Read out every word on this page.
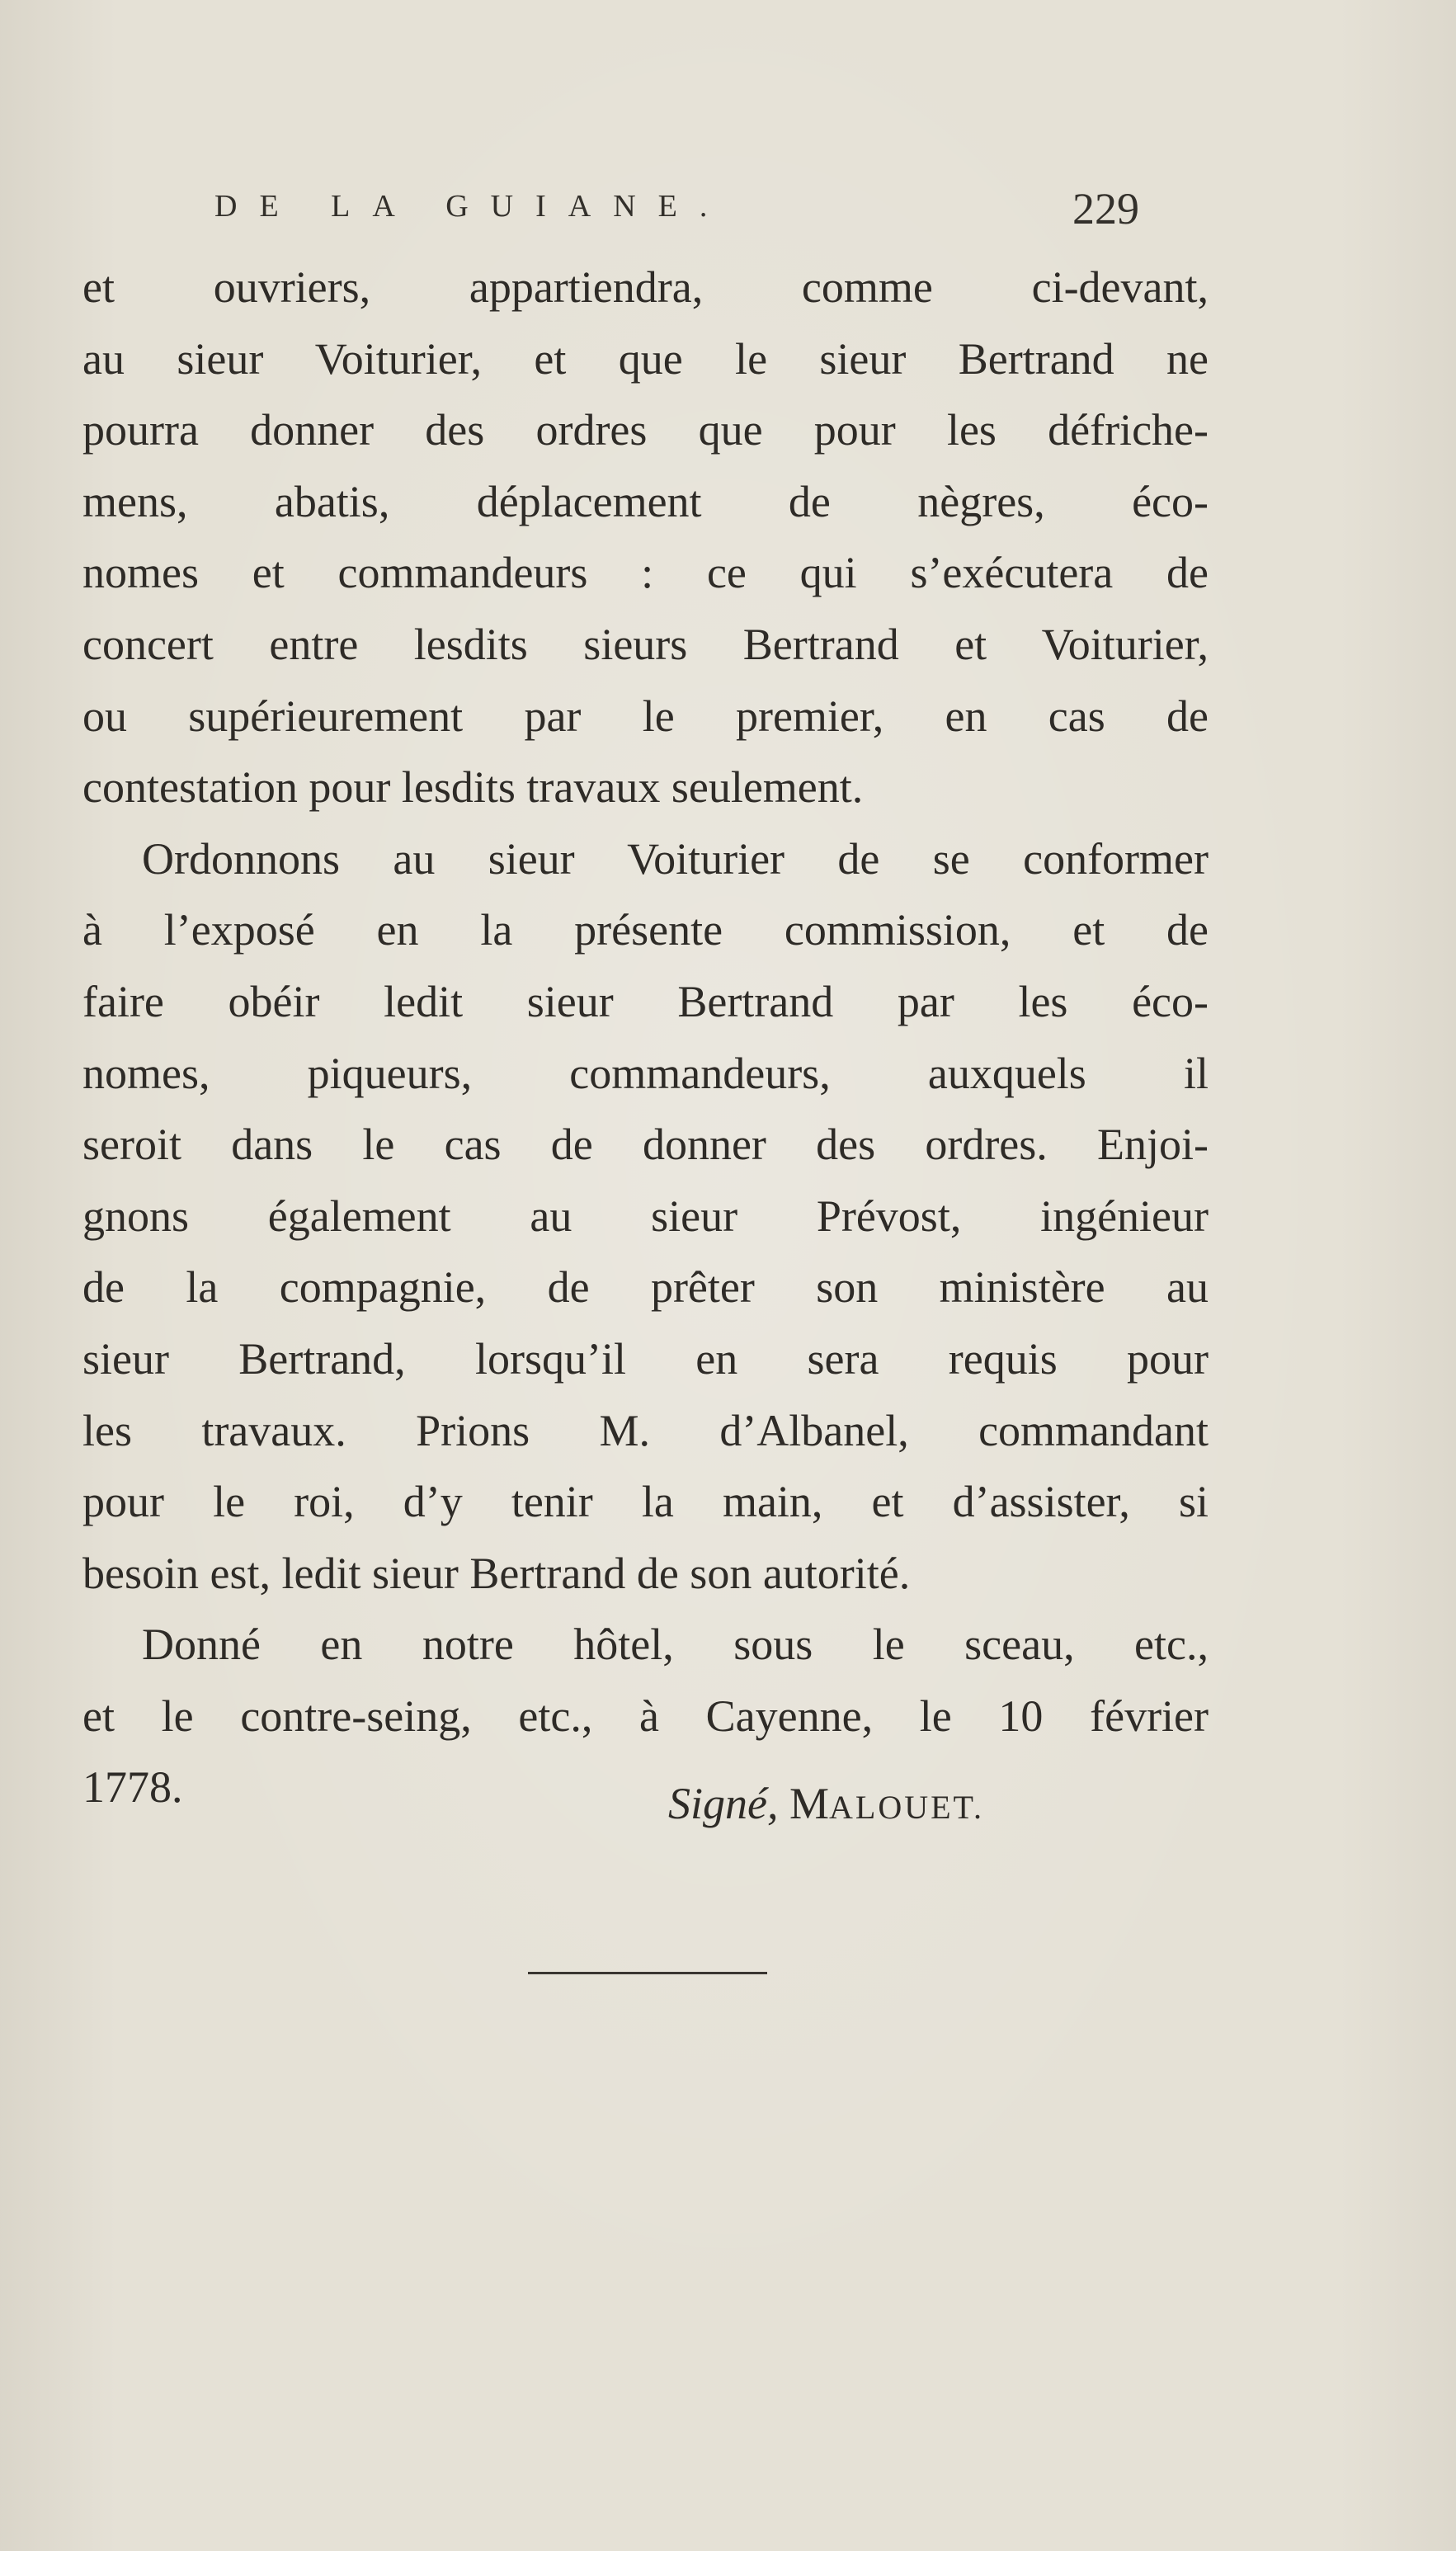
DE LA GUIANE.	229
et ouvriers, appartiendra, comme ci-devant,
au sieur Voiturier, et que le sieur Bertrand ne
pourra donner des ordres que pour les défriche-
mens, abatis, déplacement de nègres, éco-
nomes et commandeurs : ce qui s’exécutera de
concert entre lesdits sieurs Bertrand et Voiturier,
ou supérieurement par le premier, en cas de
contestation pour lesdits travaux seulement.
Ordonnons au sieur Voiturier de se conformer
à l’exposé en la présente commission, et de
faire obéir ledit sieur Bertrand par les éco-
nomes, piqueurs, commandeurs, auxquels il
seroit dans le cas de donner des ordres. Enjoi-
gnons également au sieur Prévost, ingénieur
de la compagnie, de prêter son ministère au
sieur Bertrand, lorsqu’il en sera requis pour
les travaux. Prions M. d’Albanel, commandant
pour le roi, d’y tenir la main, et d’assister, si
besoin est, ledit sieur Bertrand de son autorité.
Donné en notre hôtel, sous le sceau, etc.,
et le contre-seing, etc., à Cayenne, le 10 février
1778.	Signé, MALOUET.
